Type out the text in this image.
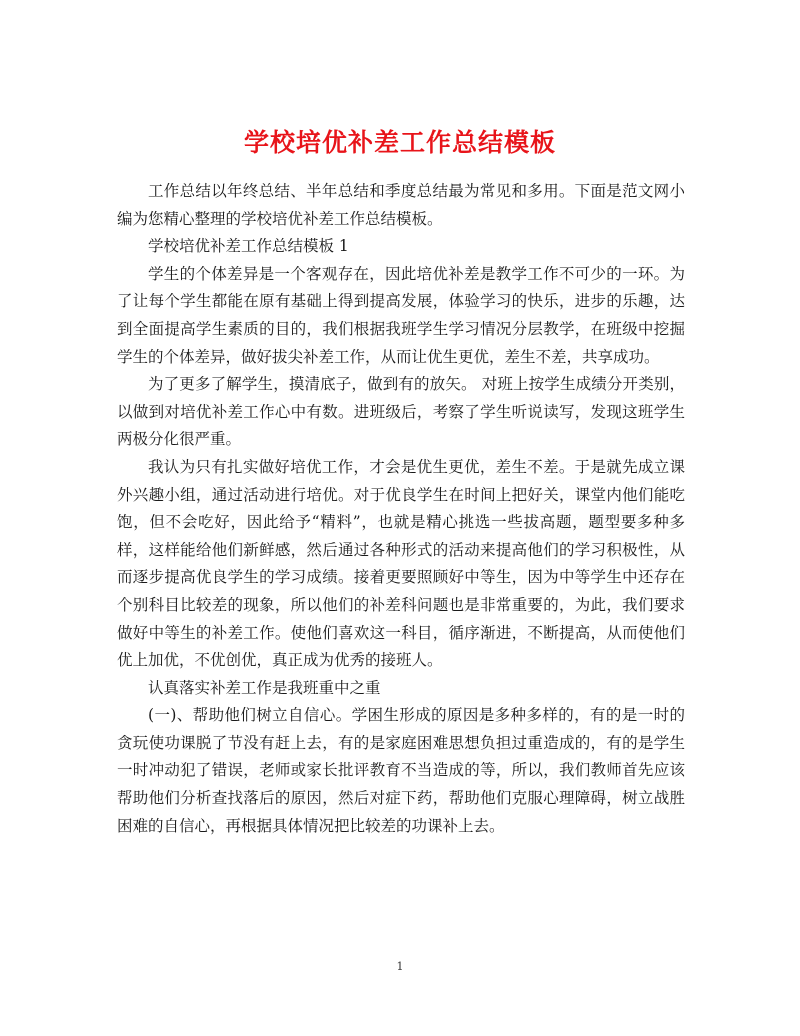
学校培优补差工作总结模板

工作总结以年终总结、半年总结和季度总结最为常见和多用。下面是范文网小编为您精心整理的学校培优补差工作总结模板。

学校培优补差工作总结模板 1

学生的个体差异是一个客观存在，因此培优补差是教学工作不可少的一环。为了让每个学生都能在原有基础上得到提高发展，体验学习的快乐，进步的乐趣，达到全面提高学生素质的目的，我们根据我班学生学习情况分层教学，在班级中挖掘学生的个体差异，做好拔尖补差工作，从而让优生更优，差生不差，共享成功。

为了更多了解学生，摸清底子，做到有的放矢。 对班上按学生成绩分开类别，以做到对培优补差工作心中有数。进班级后，考察了学生听说读写，发现这班学生两极分化很严重。

我认为只有扎实做好培优工作，才会是优生更优，差生不差。于是就先成立课外兴趣小组，通过活动进行培优。对于优良学生在时间上把好关，课堂内他们能吃饱，但不会吃好，因此给予“精料”，也就是精心挑选一些拔高题，题型要多种多样，这样能给他们新鲜感，然后通过各种形式的活动来提高他们的学习积极性，从而逐步提高优良学生的学习成绩。接着更要照顾好中等生，因为中等学生中还存在个别科目比较差的现象，所以他们的补差科问题也是非常重要的，为此，我们要求做好中等生的补差工作。使他们喜欢这一科目，循序渐进，不断提高，从而使他们优上加优，不优创优，真正成为优秀的接班人。

认真落实补差工作是我班重中之重

(一)、帮助他们树立自信心。学困生形成的原因是多种多样的，有的是一时的贪玩使功课脱了节没有赶上去，有的是家庭困难思想负担过重造成的，有的是学生一时冲动犯了错误，老师或家长批评教育不当造成的等，所以，我们教师首先应该帮助他们分析查找落后的原因，然后对症下药，帮助他们克服心理障碍，树立战胜困难的自信心，再根据具体情况把比较差的功课补上去。

1
